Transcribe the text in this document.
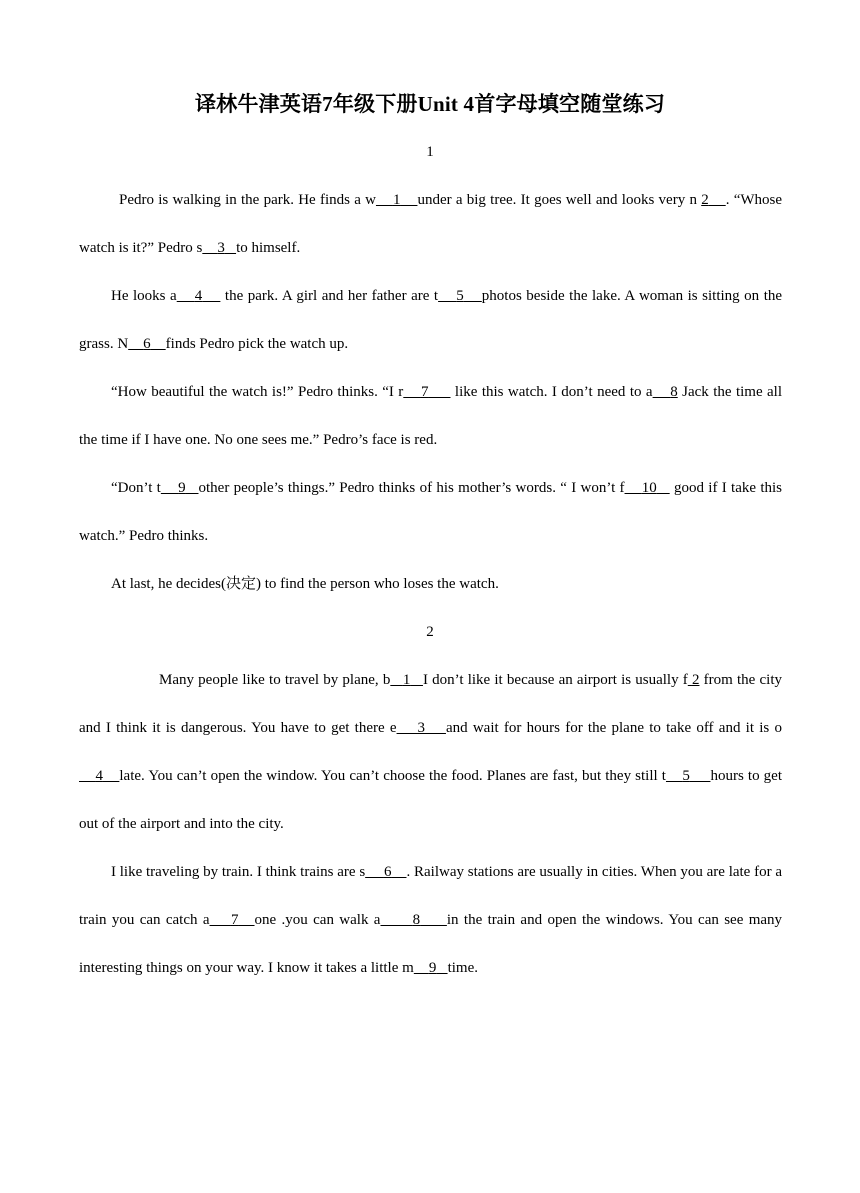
译林牛津英语7年级下册Unit 4首字母填空随堂练习
1
Pedro is walking in the park. He finds a w 1 under a big tree. It goes well and looks very n 2 . “Whose watch is it?” Pedro s 3 to himself.
He looks a 4     the park. A girl and her father are t 5 photos beside the lake. A woman is sitting on the grass. N 6 finds Pedro pick the watch up.
“How beautiful the watch is!” Pedro thinks. “I r 7      like this watch. I don’t need to a 8 Jack the time all the time if I have one. No one sees me.” Pedro’s face is red.
“Don’t t 9 other people’s things.” Pedro thinks of his mother’s words. “ I won’t f 10    good if I take this watch.” Pedro thinks.
At last, he decides(决定) to find the person who loses the watch.
2
Many people like to travel by plane, b 1 I don’t like it because an airport is usually f 2 from the city and I think it is dangerous. You have to get there e 3 and wait for hours for the plane to take off and it is o    4 late. You can’t open the window. You can’t choose the food. Planes are fast, but they still t 5 hours to get out of the airport and into the city.
I like traveling by train. I think trains are s 6 . Railway stations are usually in cities. When you are late for a train you can catch a 7 one .you can walk a 8 in the train and open the windows. You can see many interesting things on your way. I know it takes a little m 9 time.
